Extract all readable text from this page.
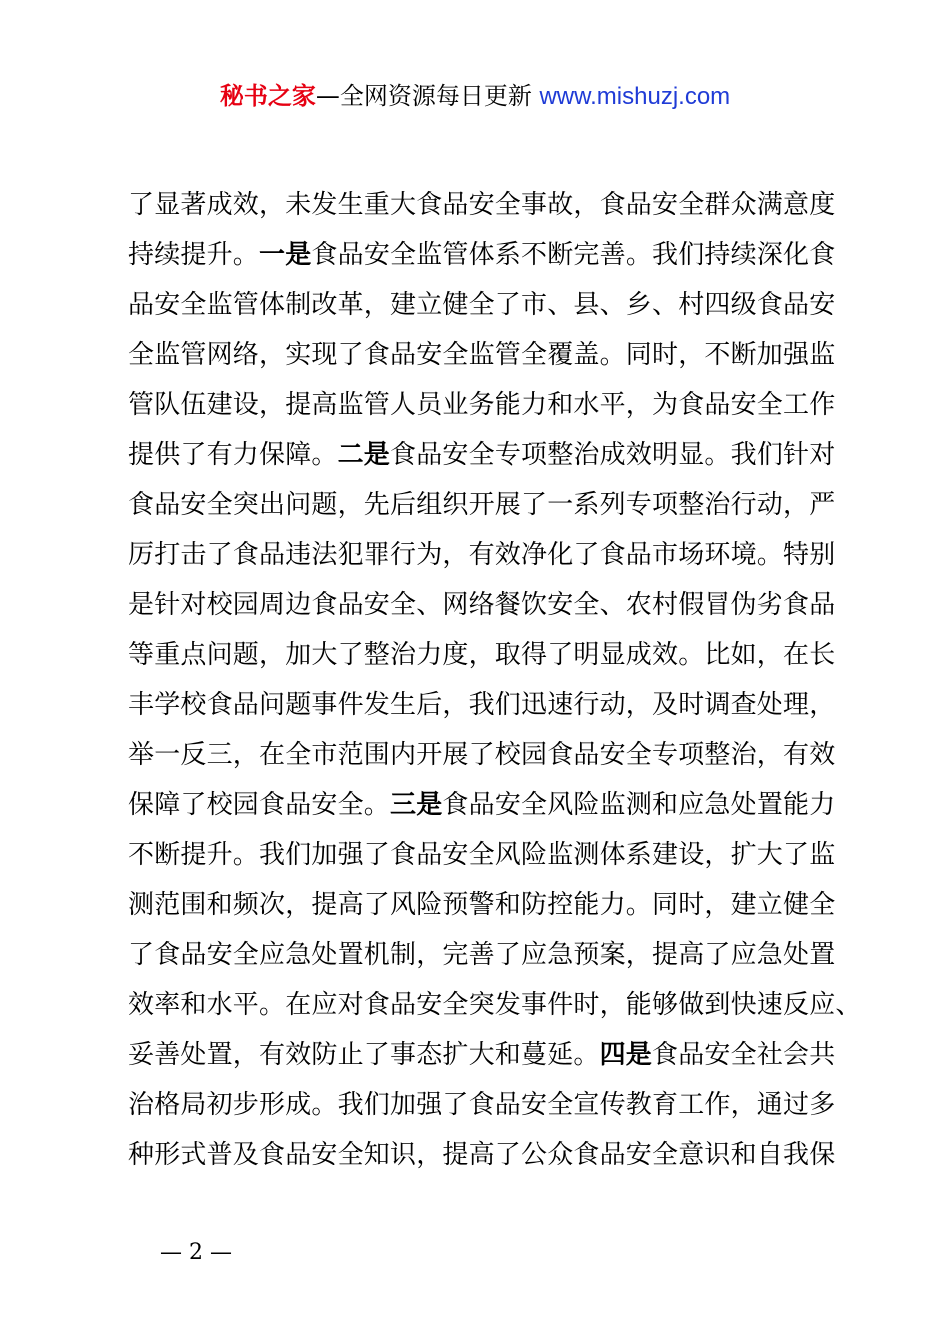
秘书之家—全网资源每日更新 www.mishuzj.com
了显著成效，未发生重大食品安全事故，食品安全群众满意度
持续提升。一是食品安全监管体系不断完善。我们持续深化食
品安全监管体制改革，建立健全了市、县、乡、村四级食品安
全监管网络，实现了食品安全监管全覆盖。同时，不断加强监
管队伍建设，提高监管人员业务能力和水平，为食品安全工作
提供了有力保障。二是食品安全专项整治成效明显。我们针对
食品安全突出问题，先后组织开展了一系列专项整治行动，严
厉打击了食品违法犯罪行为，有效净化了食品市场环境。特别
是针对校园周边食品安全、网络餐饮安全、农村假冒伪劣食品
等重点问题，加大了整治力度，取得了明显成效。比如，在长
丰学校食品问题事件发生后，我们迅速行动，及时调查处理，
举一反三，在全市范围内开展了校园食品安全专项整治，有效
保障了校园食品安全。三是食品安全风险监测和应急处置能力
不断提升。我们加强了食品安全风险监测体系建设，扩大了监
测范围和频次，提高了风险预警和防控能力。同时，建立健全
了食品安全应急处置机制，完善了应急预案，提高了应急处置
效率和水平。在应对食品安全突发事件时，能够做到快速反应、
妥善处置，有效防止了事态扩大和蔓延。四是食品安全社会共
治格局初步形成。我们加强了食品安全宣传教育工作，通过多
种形式普及食品安全知识，提高了公众食品安全意识和自我保
— 2 —
